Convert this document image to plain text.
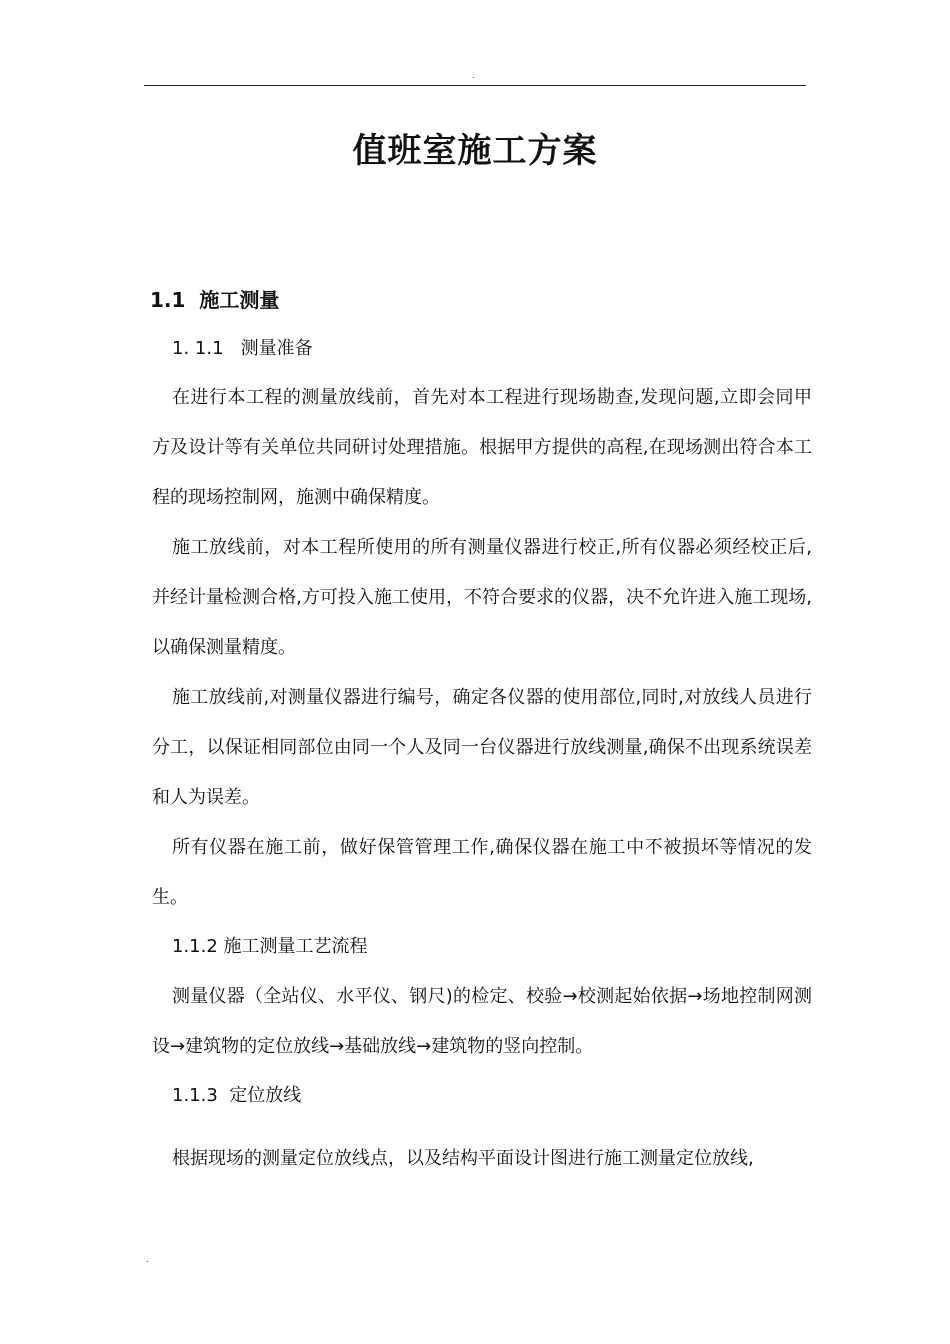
.
值班室施工方案
1.1  施工测量
1. 1.1   测量准备
在进行本工程的测量放线前，首先对本工程进行现场勘查,发现问题,立即会同甲方及设计等有关单位共同研讨处理措施。根据甲方提供的高程,在现场测出符合本工程的现场控制网，施测中确保精度。
施工放线前，对本工程所使用的所有测量仪器进行校正,所有仪器必须经校正后,并经计量检测合格,方可投入施工使用，不符合要求的仪器，决不允许进入施工现场,以确保测量精度。
施工放线前,对测量仪器进行编号，确定各仪器的使用部位,同时,对放线人员进行分工，以保证相同部位由同一个人及同一台仪器进行放线测量,确保不出现系统误差和人为误差。
所有仪器在施工前，做好保管管理工作,确保仪器在施工中不被损坏等情况的发生。
1.1.2 施工测量工艺流程
测量仪器（全站仪、水平仪、钢尺)的检定、校验→校测起始依据→场地控制网测设→建筑物的定位放线→基础放线→建筑物的竖向控制。
1.1.3  定位放线
根据现场的测量定位放线点，以及结构平面设计图进行施工测量定位放线,
.
